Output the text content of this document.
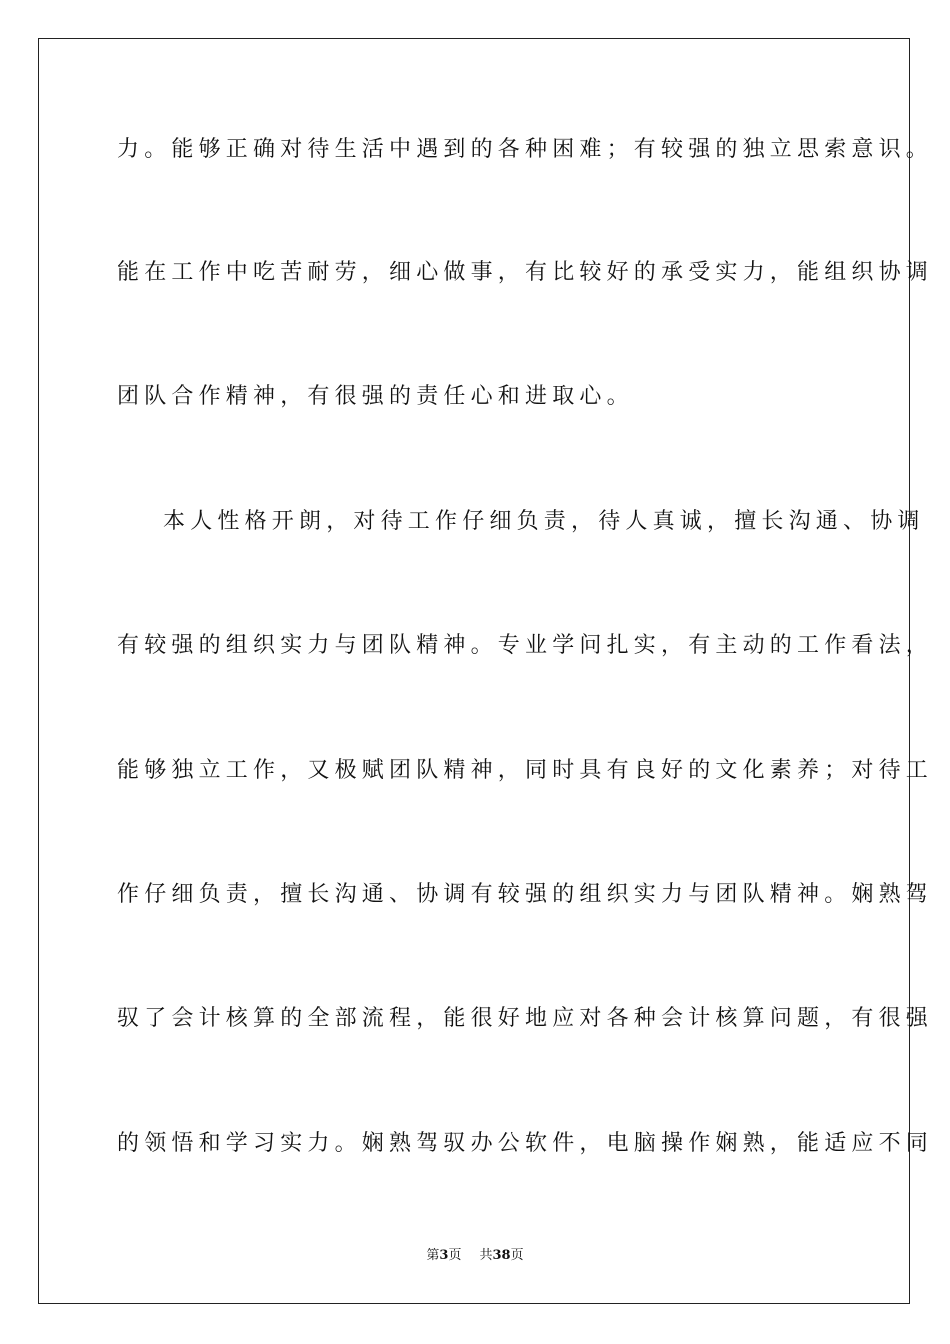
力。能够正确对待生活中遇到的各种困难；有较强的独立思索意识。
能在工作中吃苦耐劳，细心做事，有比较好的承受实力，能组织协调
团队合作精神，有很强的责任心和进取心。
本人性格开朗，对待工作仔细负责，待人真诚，擅长沟通、协调
有较强的组织实力与团队精神。专业学问扎实，有主动的工作看法，
能够独立工作，又极赋团队精神，同时具有良好的文化素养；对待工
作仔细负责，擅长沟通、协调有较强的组织实力与团队精神。娴熟驾
驭了会计核算的全部流程，能很好地应对各种会计核算问题，有很强
的领悟和学习实力。娴熟驾驭办公软件，电脑操作娴熟，能适应不同
第3页 共38页
